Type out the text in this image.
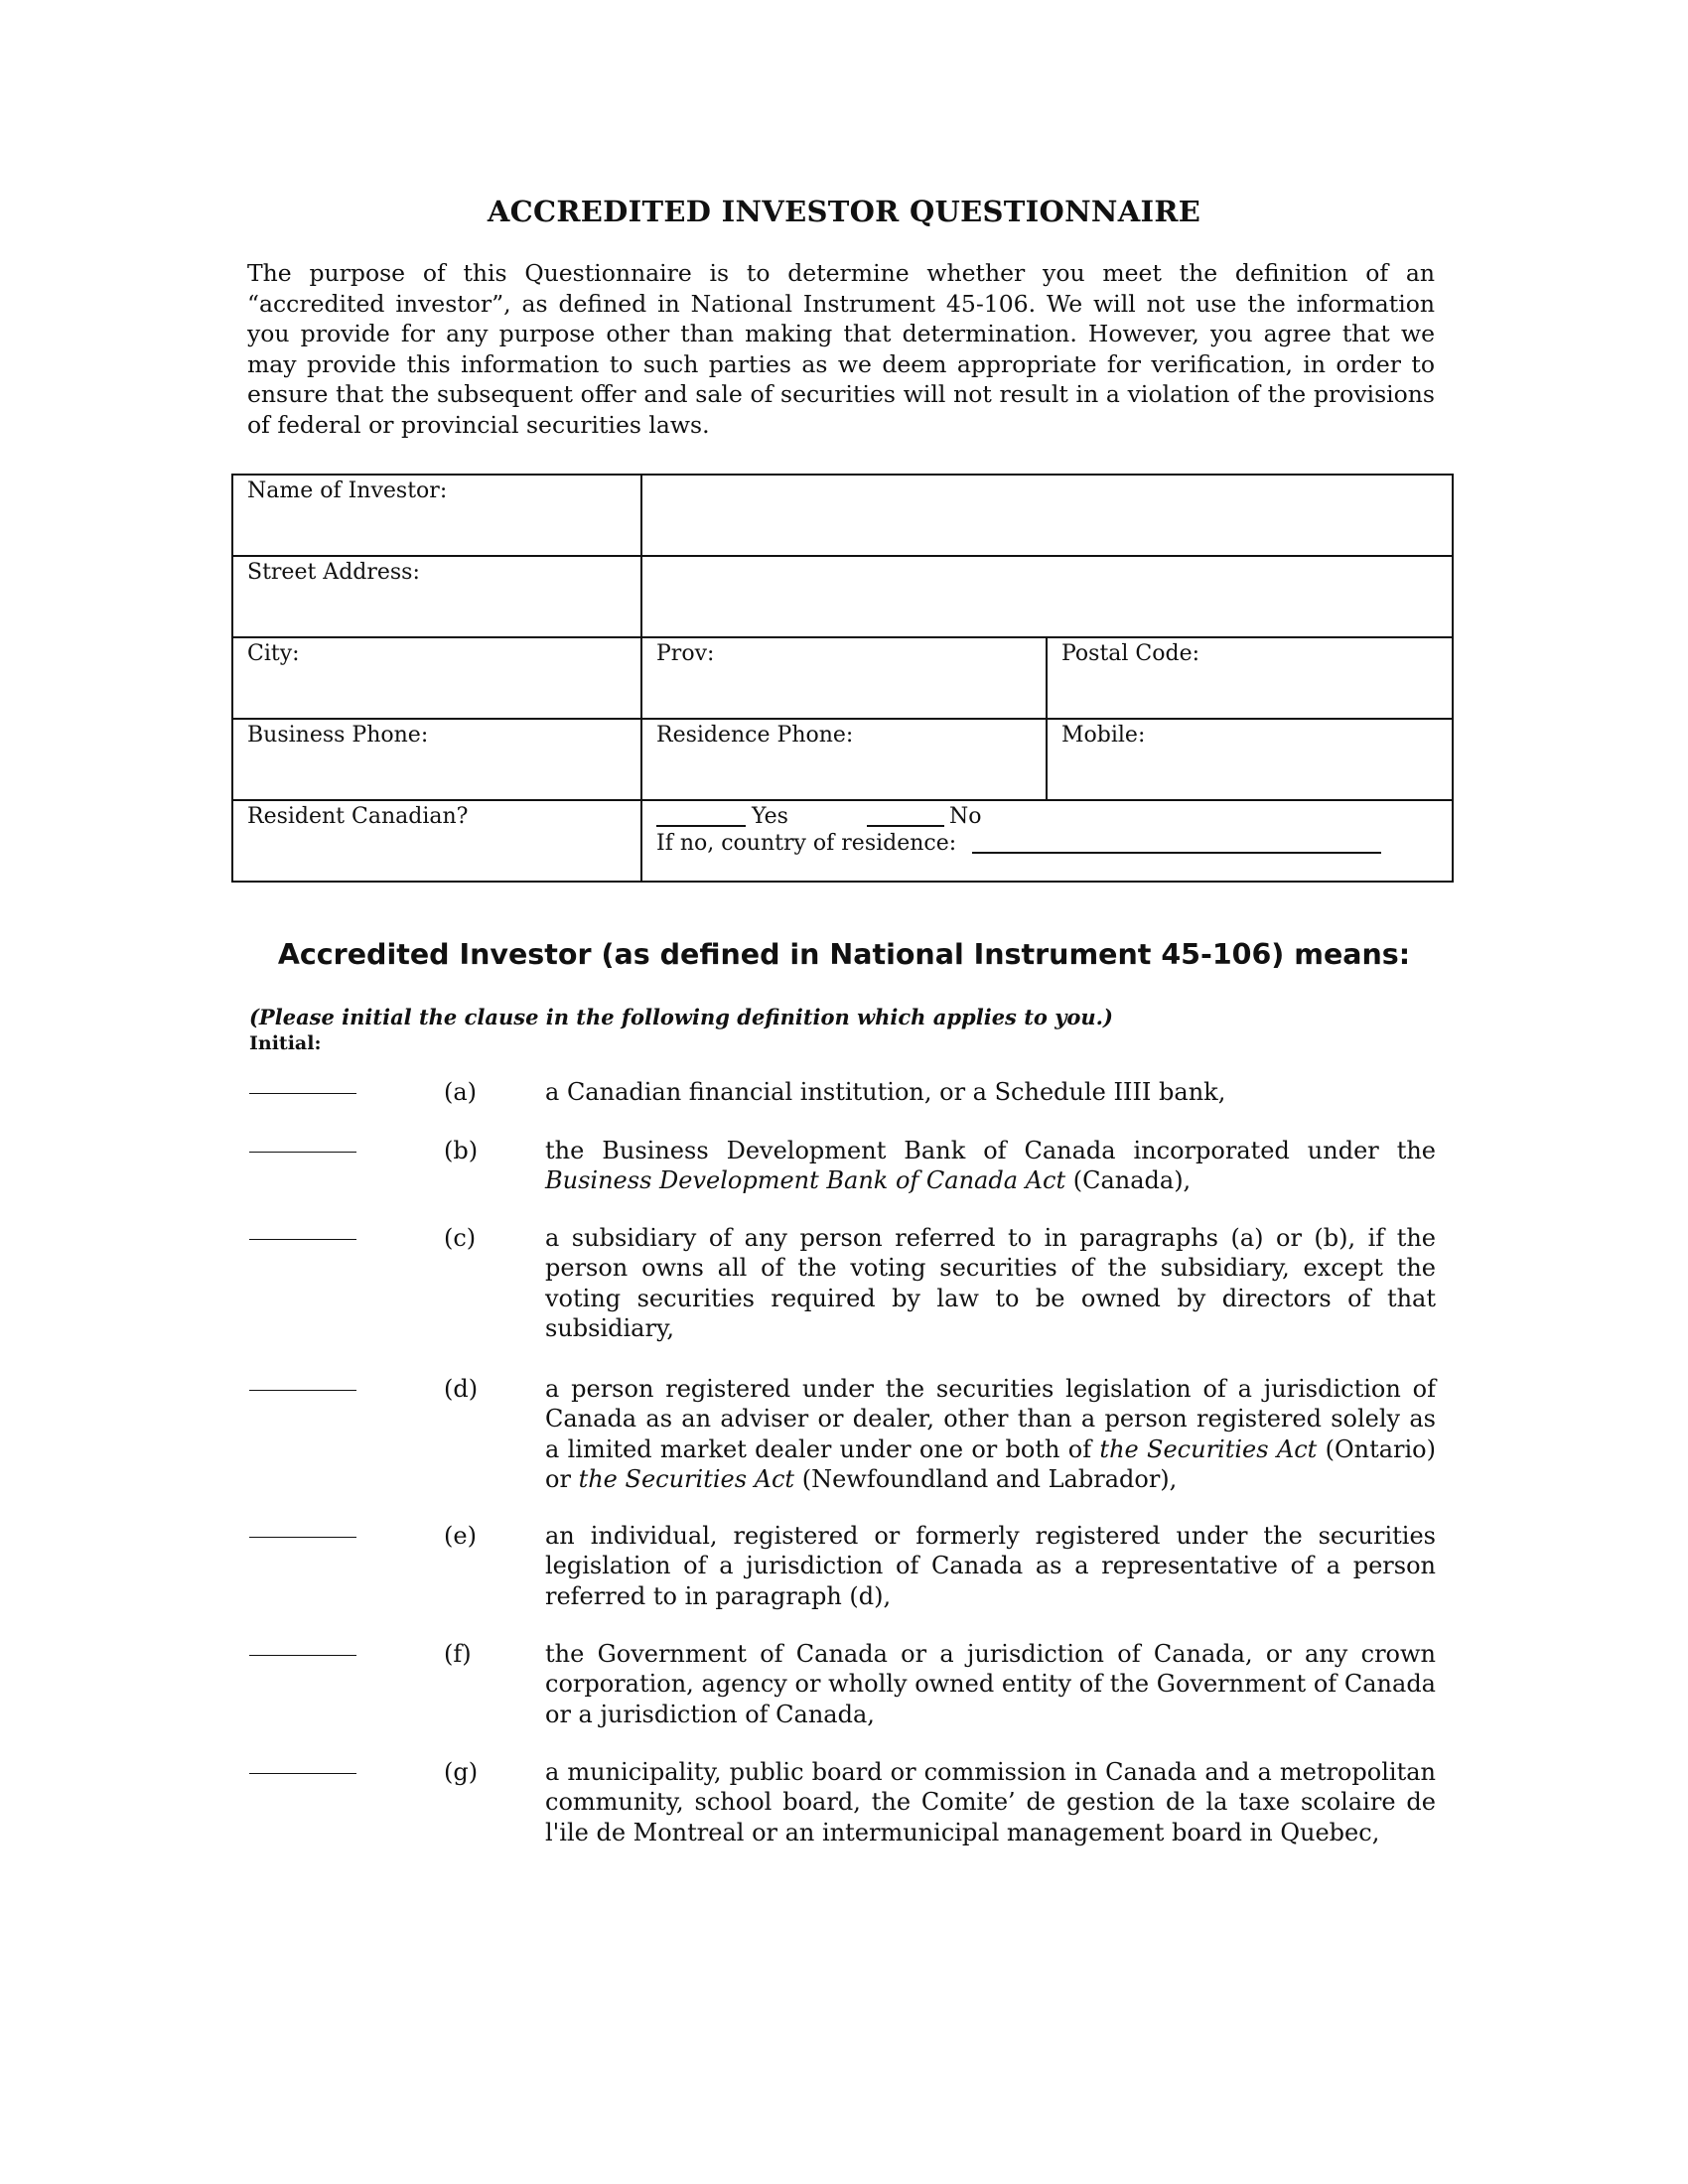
ACCREDITED INVESTOR QUESTIONNAIRE
The purpose of this Questionnaire is to determine whether you meet the definition of an “accredited investor”, as defined in National Instrument 45-106. We will not use the information you provide for any purpose other than making that determination. However, you agree that we may provide this information to such parties as we deem appropriate for verification, in order to ensure that the subsequent offer and sale of securities will not result in a violation of the provisions of federal or provincial securities laws.
Name of Investor:		
Street Address:		
City:	Prov:	Postal Code:
Business Phone:	Residence Phone:	Mobile:
Resident Canadian?	Yes No
If no, country of residence:	
Accredited Investor (as defined in National Instrument 45-106) means:
(Please initial the clause in the following definition which applies to you.)
Initial:
(a)	a Canadian financial institution, or a Schedule IIII bank,
(b)	the Business Development Bank of Canada incorporated under the Business Development Bank of Canada Act (Canada),
(c)	a subsidiary of any person referred to in paragraphs (a) or (b), if the person owns all of the voting securities of the subsidiary, except the voting securities required by law to be owned by directors of that subsidiary,
(d)	a person registered under the securities legislation of a jurisdiction of Canada as an adviser or dealer, other than a person registered solely as a limited market dealer under one or both of the Securities Act (Ontario) or the Securities Act (Newfoundland and Labrador),
(e)	an individual, registered or formerly registered under the securities legislation of a jurisdiction of Canada as a representative of a person referred to in paragraph (d),
(f)	the Government of Canada or a jurisdiction of Canada, or any crown corporation, agency or wholly owned entity of the Government of Canada or a jurisdiction of Canada,
(g)	a municipality, public board or commission in Canada and a metropolitan community, school board, the Comite’ de gestion de la taxe scolaire de l'ile de Montreal or an intermunicipal management board in Quebec,
